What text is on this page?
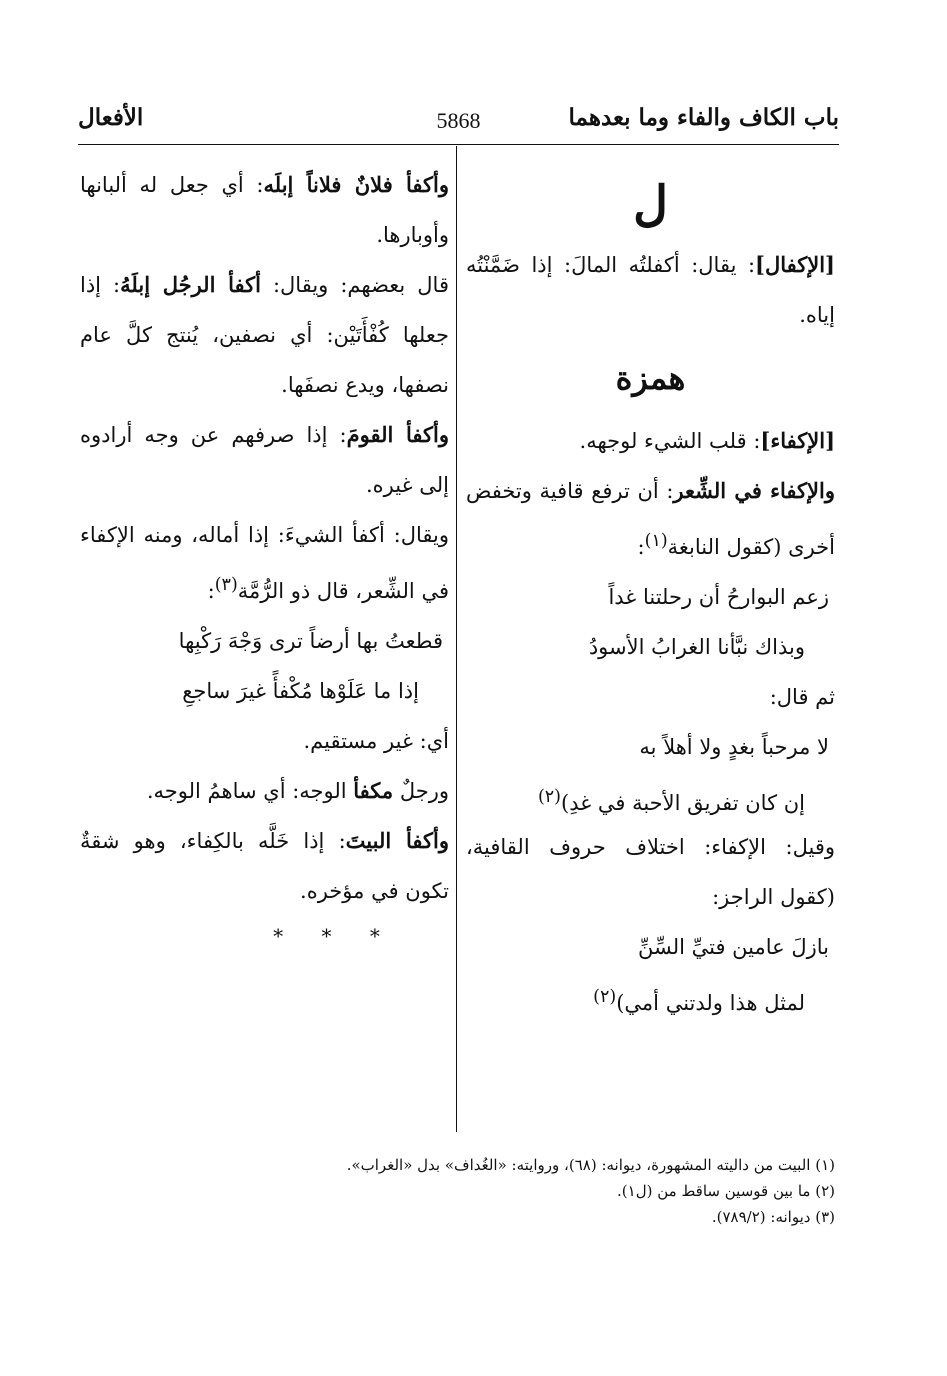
باب الكاف والفاء وما بعدهما
5868
الأفعال
ل
[الإكفال]: يقال: أكفلتُه المالَ: إذا ضَمَّنْتُه إياه.
همزة
[الإكفاء]: قلب الشيء لوجهه.
والإكفاء في الشِّعر: أن ترفع قافية وتخفض أخرى (كقول النابغة$^{(١)}$:
زعم البوارحُ أن رحلتنا غداً
وبذاك نبَّأنا الغرابُ الأسودُ
ثم قال:
لا مرحباً بغدٍ ولا أهلاً به
إن كان تفريق الأحبة في غدِ)$^{(٢)}$
وقيل: الإكفاء: اختلاف حروف القافية، (كقول الراجز:
بازلَ عامين فتيِّ السِّنِّ
لمثل هذا ولدتني أمي)$^{(٢)}$
وأكفأ فلانٌ فلاناً إبلَه: أي جعل له ألبانها وأوبارها.
قال بعضهم: ويقال: أكفأ الرجُل إبلَهُ: إذا جعلها كُفْأَتَيْن: أي نصفين، يُنتج كلَّ عام نصفها، ويدع نصفَها.
وأكفأ القومَ: إذا صرفهم عن وجه أرادوه إلى غيره.
ويقال: أكفأ الشيءَ: إذا أماله، ومنه الإكفاء في الشِّعر، قال ذو الرُّمَّة$^{(٣)}$:
قطعتُ بها أرضاً ترى وَجْهَ رَكْبِها
إذا ما عَلَوْها مُكْفأً غيرَ ساجعِ
أي: غير مستقيم.
ورجلٌ مكفأ الوجه: أي ساهمُ الوجه.
وأكفأ البيتَ: إذا خَلَّه بالكِفاء، وهو شقةٌ تكون في مؤخره.
* * *
(١) البيت من داليته المشهورة، ديوانه: (٦٨)، وروايته: «الغُداف» بدل «الغراب».
(٢) ما بين قوسين ساقط من (ل١).
(٣) ديوانه: (٧٨٩/٢).
